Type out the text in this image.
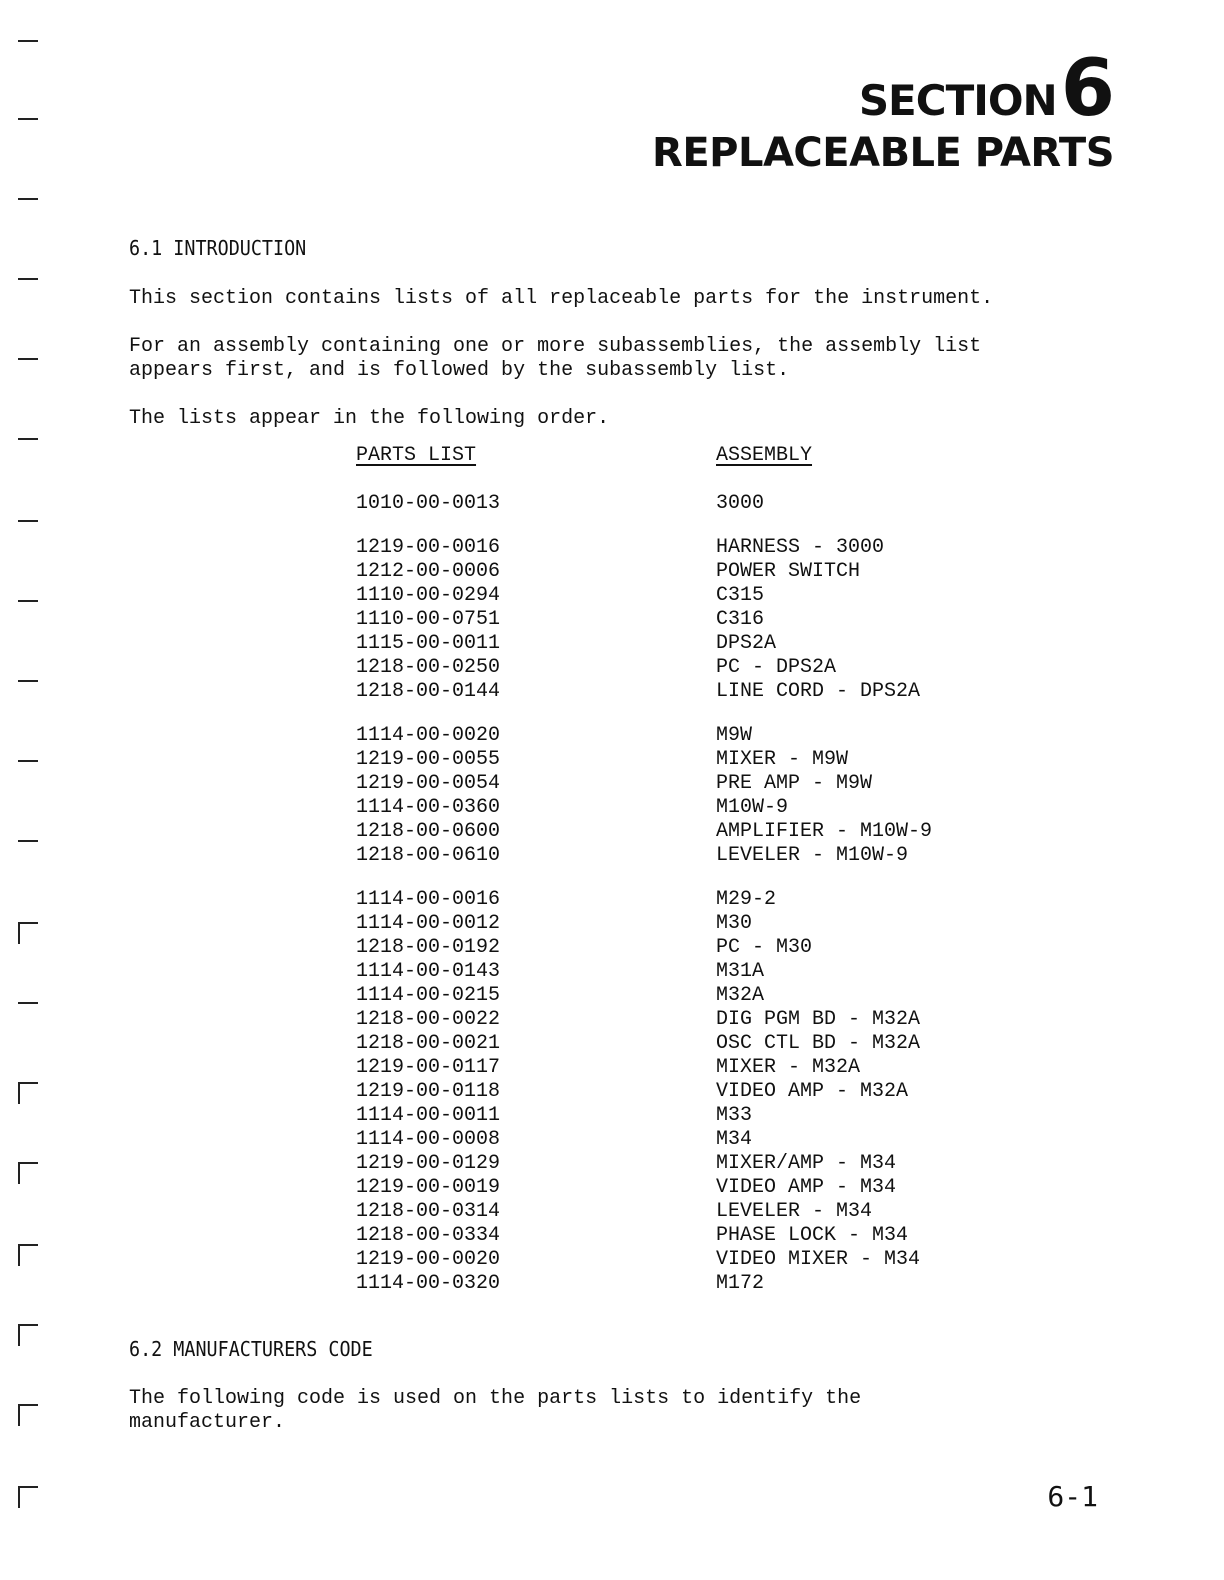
SECTION6
REPLACEABLE PARTS
6.1 INTRODUCTION
This section contains lists of all replaceable parts for the instrument.
For an assembly containing one or more subassemblies, the assembly list
appears first, and is followed by the subassembly list.
The lists appear in the following order.
PARTS LIST	ASSEMBLY
1010-00-0013	3000
1219-00-0016	HARNESS - 3000
1212-00-0006	POWER SWITCH
1110-00-0294	C315
1110-00-0751	C316
1115-00-0011	DPS2A
1218-00-0250	PC - DPS2A
1218-00-0144	LINE CORD - DPS2A
1114-00-0020	M9W
1219-00-0055	MIXER - M9W
1219-00-0054	PRE AMP - M9W
1114-00-0360	M10W-9
1218-00-0600	AMPLIFIER - M10W-9
1218-00-0610	LEVELER - M10W-9
1114-00-0016	M29-2
1114-00-0012	M30
1218-00-0192	PC - M30
1114-00-0143	M31A
1114-00-0215	M32A
1218-00-0022	DIG PGM BD - M32A
1218-00-0021	OSC CTL BD - M32A
1219-00-0117	MIXER - M32A
1219-00-0118	VIDEO AMP - M32A
1114-00-0011	M33
1114-00-0008	M34
1219-00-0129	MIXER/AMP - M34
1219-00-0019	VIDEO AMP - M34
1218-00-0314	LEVELER - M34
1218-00-0334	PHASE LOCK - M34
1219-00-0020	VIDEO MIXER - M34
1114-00-0320	M172
6.2 MANUFACTURERS CODE
The following code is used on the parts lists to identify the manufacturer.
6-1
